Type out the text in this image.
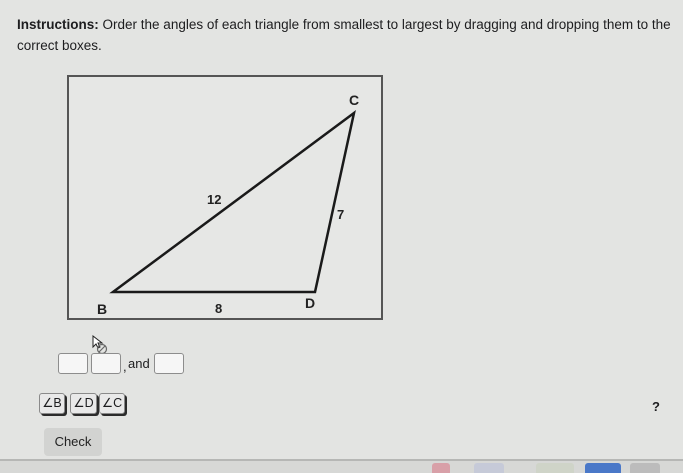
Instructions: Order the angles of each triangle from smallest to largest by dragging and dropping them to the correct boxes.
C
B	D
12
7
8
, and
∠B ∠D ∠C	?
Check
